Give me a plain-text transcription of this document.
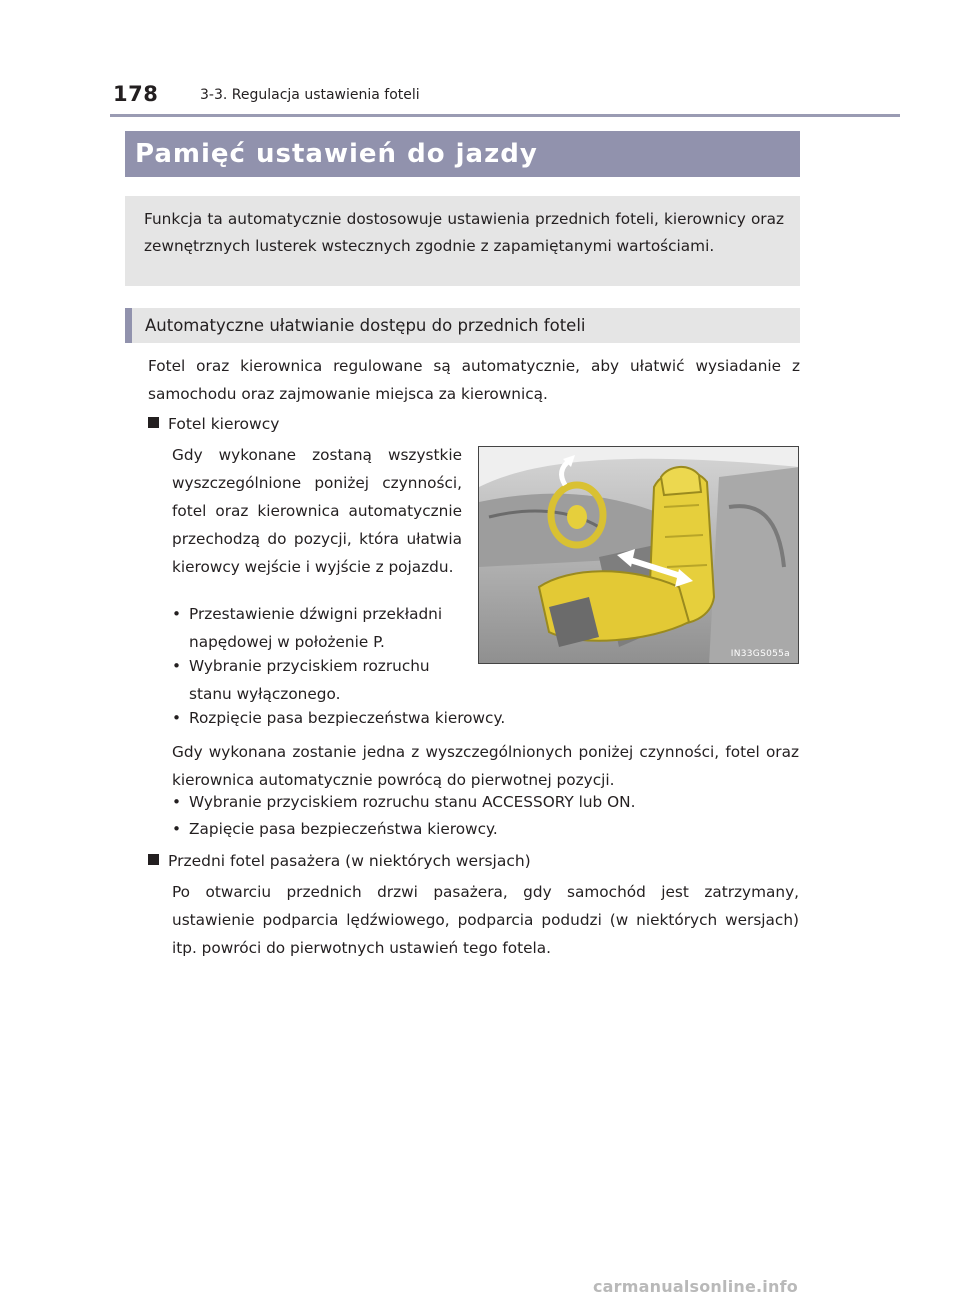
178	3-3. Regulacja ustawienia foteli
Pamięć ustawień do jazdy
Funkcja ta automatycznie dostosowuje ustawienia przednich foteli, kierownicy oraz zewnętrznych lusterek wstecznych zgodnie z zapamiętanymi wartościami.
Automatyczne ułatwianie dostępu do przednich foteli
Fotel oraz kierownica regulowane są automatycznie, aby ułatwić wysiadanie z samochodu oraz zajmowanie miejsca za kierownicą.
Fotel kierowcy
Gdy wykonane zostaną wszystkie wyszczególnione poniżej czynności, fotel oraz kierownica automatycznie przechodzą do pozycji, która ułatwia kierowcy wejście i wyjście z pojazdu.
• Przestawienie dźwigni przekładni napędowej w położenie P.
• Wybranie przyciskiem rozruchu stanu wyłączonego.
• Rozpięcie pasa bezpieczeństwa kierowcy.
IN33GS055a
Gdy wykonana zostanie jedna z wyszczególnionych poniżej czynności, fotel oraz kierownica automatycznie powrócą do pierwotnej pozycji.
• Wybranie przyciskiem rozruchu stanu ACCESSORY lub ON.
• Zapięcie pasa bezpieczeństwa kierowcy.
Przedni fotel pasażera (w niektórych wersjach)
Po otwarciu przednich drzwi pasażera, gdy samochód jest zatrzymany, ustawienie podparcia lędźwiowego, podparcia podudzi (w niektórych wersjach) itp. powróci do pierwotnych ustawień tego fotela.
carmanualsonline.info
